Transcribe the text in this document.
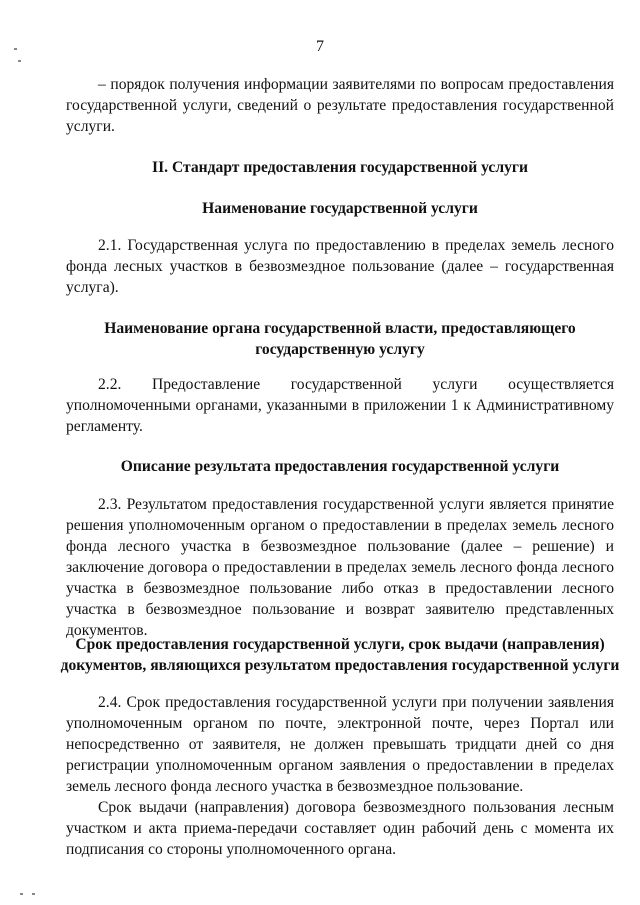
7

– порядок получения информации заявителями по вопросам предоставления государственной услуги, сведений о результате предоставления государственной услуги.

II. Стандарт предоставления государственной услуги

Наименование государственной услуги

2.1. Государственная услуга по предоставлению в пределах земель лесного фонда лесных участков в безвозмездное пользование (далее – государственная услуга).

Наименование органа государственной власти, предоставляющего
государственную услугу

2.2. Предоставление государственной услуги осуществляется уполномоченными органами, указанными в приложении 1 к Административному регламенту.

Описание результата предоставления государственной услуги

2.3. Результатом предоставления государственной услуги является принятие решения уполномоченным органом о предоставлении в пределах земель лесного фонда лесного участка в безвозмездное пользование (далее – решение) и заключение договора о предоставлении в пределах земель лесного фонда лесного участка в безвозмездное пользование либо отказ в предоставлении лесного участка в безвозмездное пользование и возврат заявителю представленных документов.

Срок предоставления государственной услуги, срок выдачи (направления)
документов, являющихся результатом предоставления государственной услуги

2.4. Срок предоставления государственной услуги при получении заявления уполномоченным органом по почте, электронной почте, через Портал или непосредственно от заявителя, не должен превышать тридцати дней со дня регистрации уполномоченным органом заявления о предоставлении в пределах земель лесного фонда лесного участка в безвозмездное пользование.

Срок выдачи (направления) договора безвозмездного пользования лесным участком и акта приема-передачи составляет один рабочий день с момента их подписания со стороны уполномоченного органа.
